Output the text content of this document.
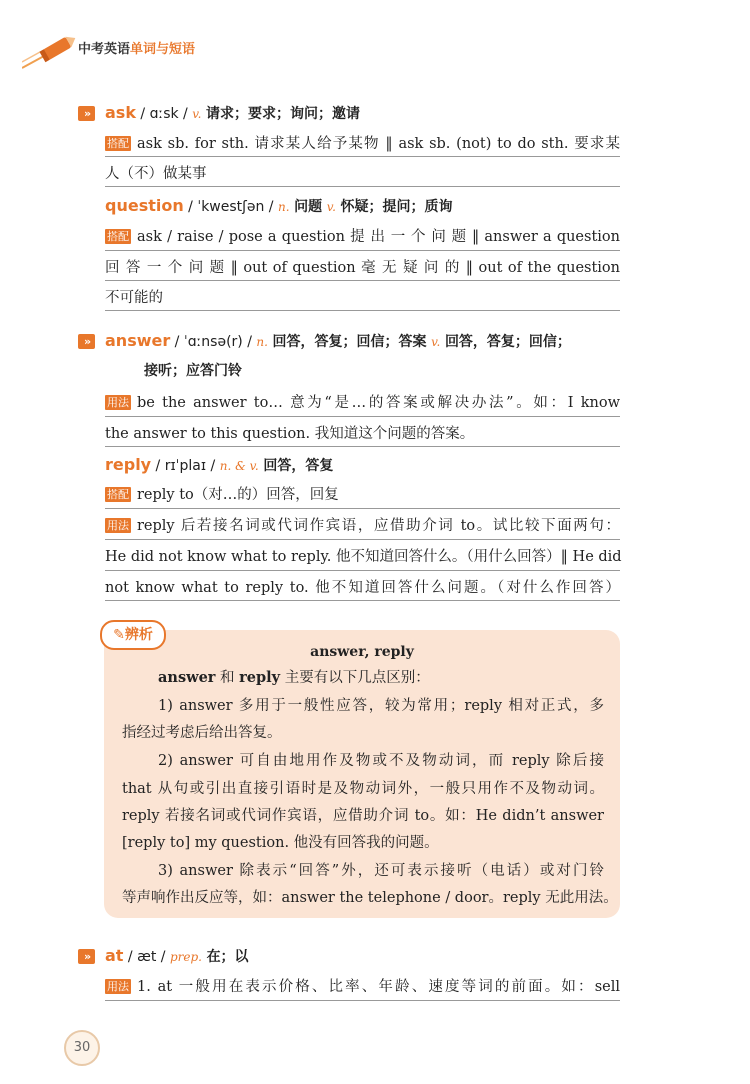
中考英语单词与短语
» ask / ɑːsk / v. 请求；要求；询问；邀请
搭配 ask sb. for sth. 请求某人给予某物 ‖ ask sb. (not) to do sth. 要求某
人（不）做某事
question / ˈkwestʃən / n. 问题 v. 怀疑；提问；质询
搭配 ask / raise / pose a question 提 出 一 个 问 题 ‖ answer a question
回 答 一 个 问 题 ‖ out of question 毫 无 疑 问 的 ‖ out of the question
不可能的
» answer / ˈɑːnsə(r) / n. 回答，答复；回信；答案 v. 回答，答复；回信；
接听；应答门铃
用法 be the answer to… 意为“是…的答案或解决办法”。如：I know
the answer to this question. 我知道这个问题的答案。
reply / rɪˈplaɪ / n. & v. 回答，答复
搭配 reply to（对…的）回答，回复
用法 reply 后若接名词或代词作宾语，应借助介词 to。试比较下面两句：
He did not know what to reply. 他不知道回答什么。（用什么回答）‖ He did
not know what to reply to. 他不知道回答什么问题。（对什么作回答）
✎辨析
answer, reply
answer 和 reply 主要有以下几点区别：
1) answer 多用于一般性应答，较为常用；reply 相对正式，多
指经过考虑后给出答复。
2) answer 可自由地用作及物或不及物动词，而 reply 除后接
that 从句或引出直接引语时是及物动词外，一般只用作不及物动词。
reply 若接名词或代词作宾语，应借助介词 to。如：He didn’t answer
[reply to] my question. 他没有回答我的问题。
3) answer 除表示“回答”外，还可表示接听（电话）或对门铃
等声响作出反应等，如：answer the telephone / door。reply 无此用法。
» at / æt / prep. 在；以
用法 1. at 一般用在表示价格、比率、年龄、速度等词的前面。如：sell
30
